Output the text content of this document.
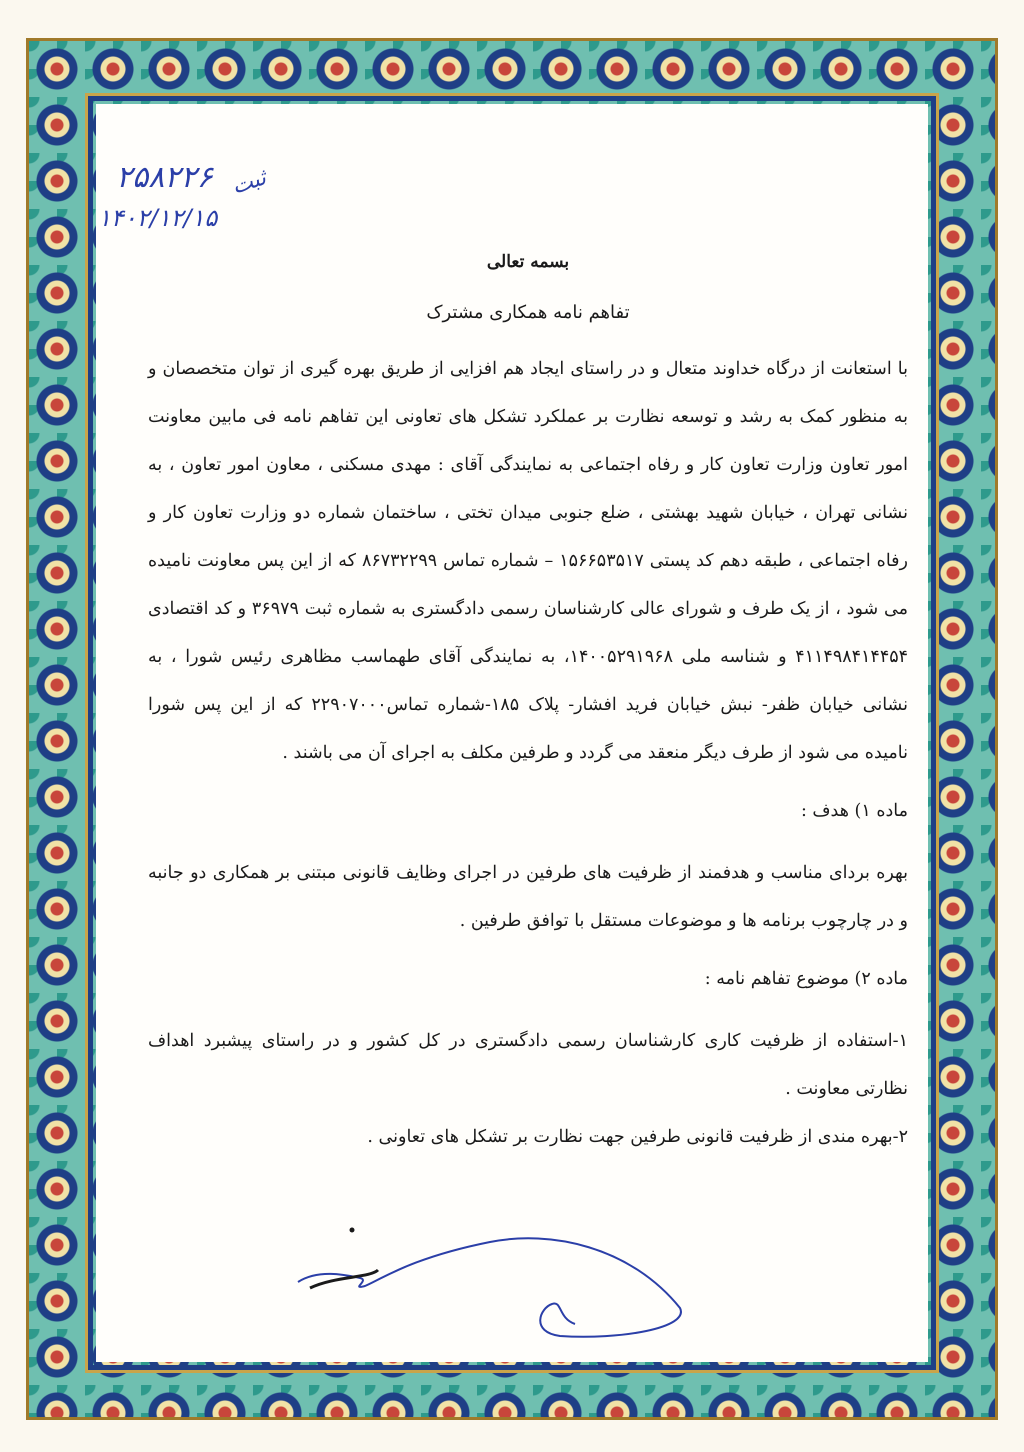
۲۵۸۲۲۶
۱۴۰۲/۱۲/۱۵
ثبت
بسمه تعالی
تفاهم نامه همکاری مشترک

با استعانت از درگاه خداوند متعال و در راستای ایجاد هم افزایی از طریق بهره گیری از توان متخصصان و به منظور کمک به رشد و توسعه نظارت بر عملکرد تشکل های تعاونی این تفاهم نامه فی مابین معاونت امور تعاون وزارت تعاون کار و رفاه اجتماعی به نمایندگی آقای : مهدی مسکنی ، معاون امور تعاون ، به نشانی تهران ، خیابان شهید بهشتی ، ضلع جنوبی میدان تختی ، ساختمان شماره دو وزارت تعاون کار و رفاه اجتماعی ، طبقه دهم کد پستی ۱۵۶۶۵۳۵۱۷ – شماره تماس ۸۶۷۳۲۲۹۹ که از این پس معاونت نامیده می شود ، از یک طرف و شورای عالی کارشناسان رسمی دادگستری به شماره ثبت ۳۶۹۷۹ و کد اقتصادی ۴۱۱۴۹۸۴۱۴۴۵۴ و شناسه ملی ۱۴۰۰۵۲۹۱۹۶۸، به نمایندگی آقای طهماسب مظاهری رئیس شورا ، به نشانی خیابان ظفر- نبش خیابان فرید افشار- پلاک ۱۸۵-شماره تماس۲۲۹۰۷۰۰۰ که از این پس شورا نامیده می شود از طرف دیگر منعقد می گردد و طرفین مکلف به اجرای آن می باشند .

ماده ۱) هدف :

بهره بردای مناسب و هدفمند از ظرفیت های طرفین در اجرای وظایف قانونی مبتنی بر همکاری دو جانبه و در چارچوب برنامه ها و موضوعات مستقل با توافق طرفین .

ماده ۲) موضوع تفاهم نامه :

۱-استفاده از ظرفیت کاری کارشناسان رسمی دادگستری در کل کشور و در راستای پیشبرد اهداف نظارتی معاونت .

۲-بهره مندی از ظرفیت قانونی طرفین جهت نظارت بر تشکل های تعاونی .
